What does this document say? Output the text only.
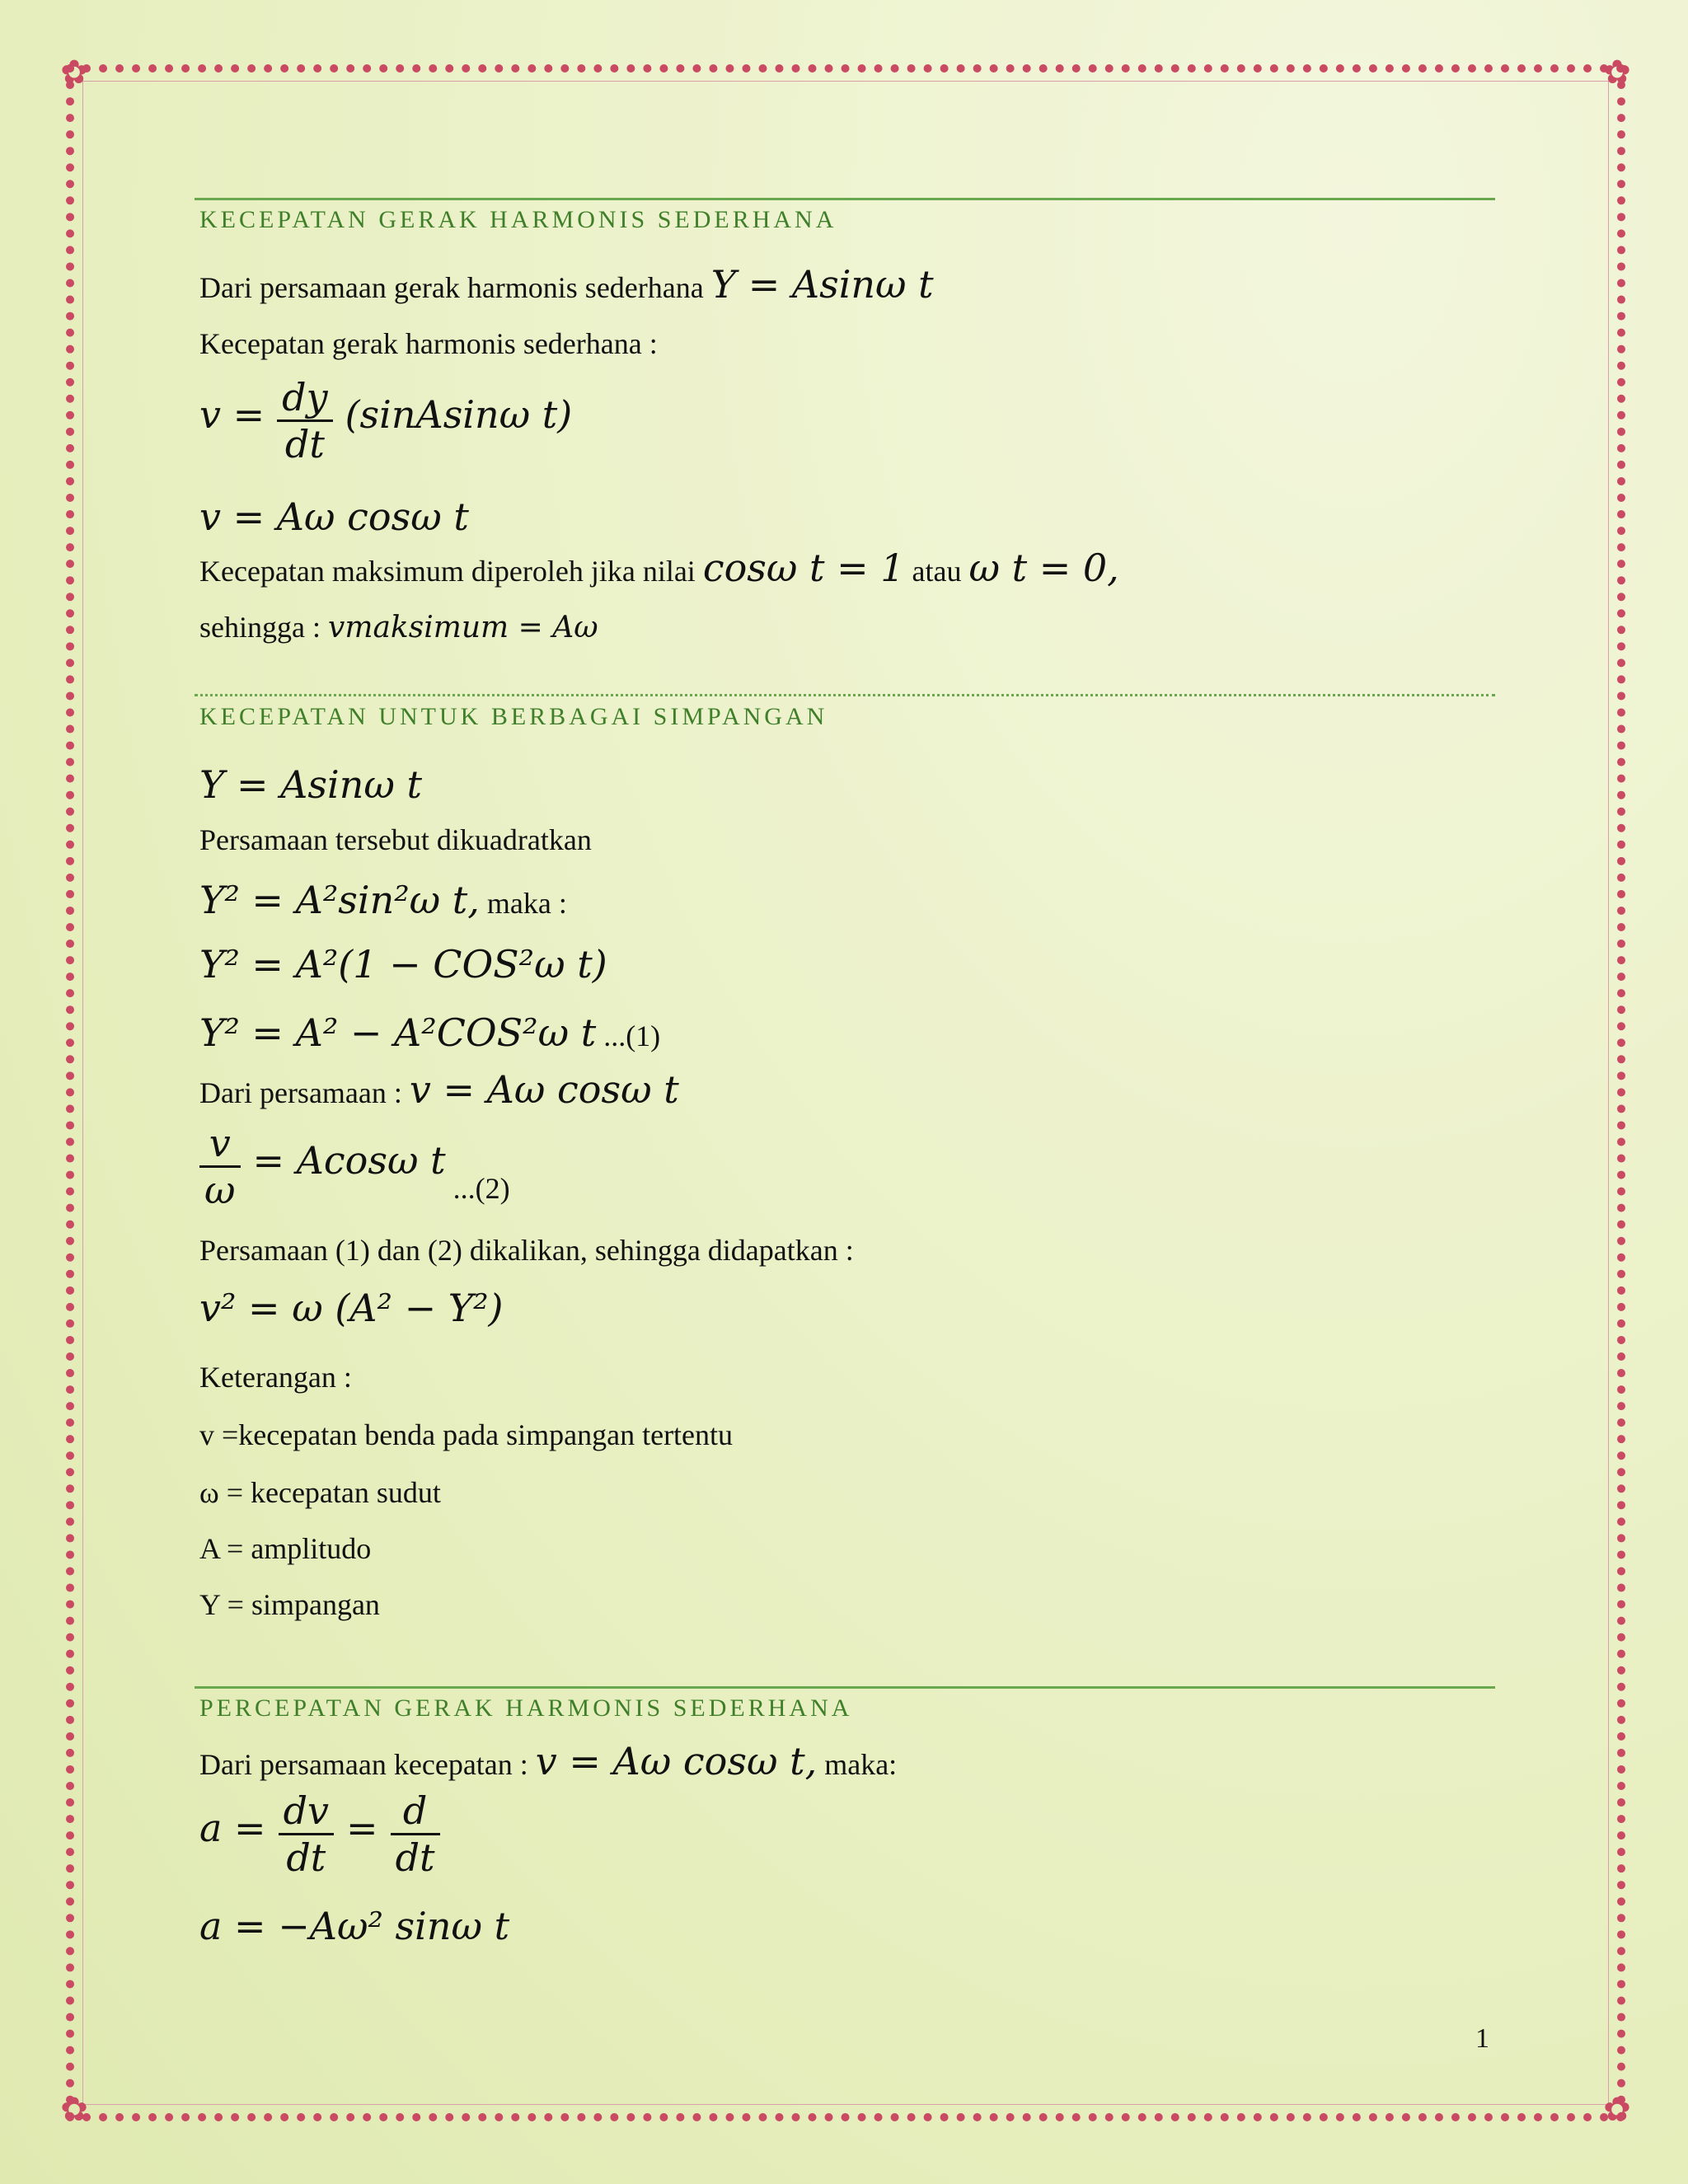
✿	✿
✿	✿
KECEPATAN GERAK HARMONIS SEDERHANA
Dari persamaan gerak harmonis sederhana Y = Asinω t
Kecepatan gerak harmonis sederhana :
$v = \frac{dy}{dt}$ (sinAsinω t)
v = Aω cosω t
Kecepatan maksimum diperoleh jika nilai cosω t = 1 atau ω t = 0,
sehingga : vmaksimum = Aω
KECEPATAN UNTUK BERBAGAI SIMPANGAN
Y = Asinω t
Persamaan tersebut dikuadratkan
Y² = A²sin²ω t, maka :
Y² = A²(1 − COS²ω t)
Y² = A² − A²COS²ω t ...(1)
Dari persamaan : v = Aω cosω t
$\frac{v}{\omega} = Acos\omega$ t ...(2)
Persamaan (1) dan (2) dikalikan, sehingga didapatkan :
v² = ω (A² − Y²)
Keterangan :
v =kecepatan benda pada simpangan tertentu
ω = kecepatan sudut
A = amplitudo
Y = simpangan
PERCEPATAN GERAK HARMONIS SEDERHANA
Dari persamaan kecepatan : v = Aω cosω t, maka:
$a = \frac{dv}{dt} = \frac{d}{dt}$
a = −Aω² sinω t
1
